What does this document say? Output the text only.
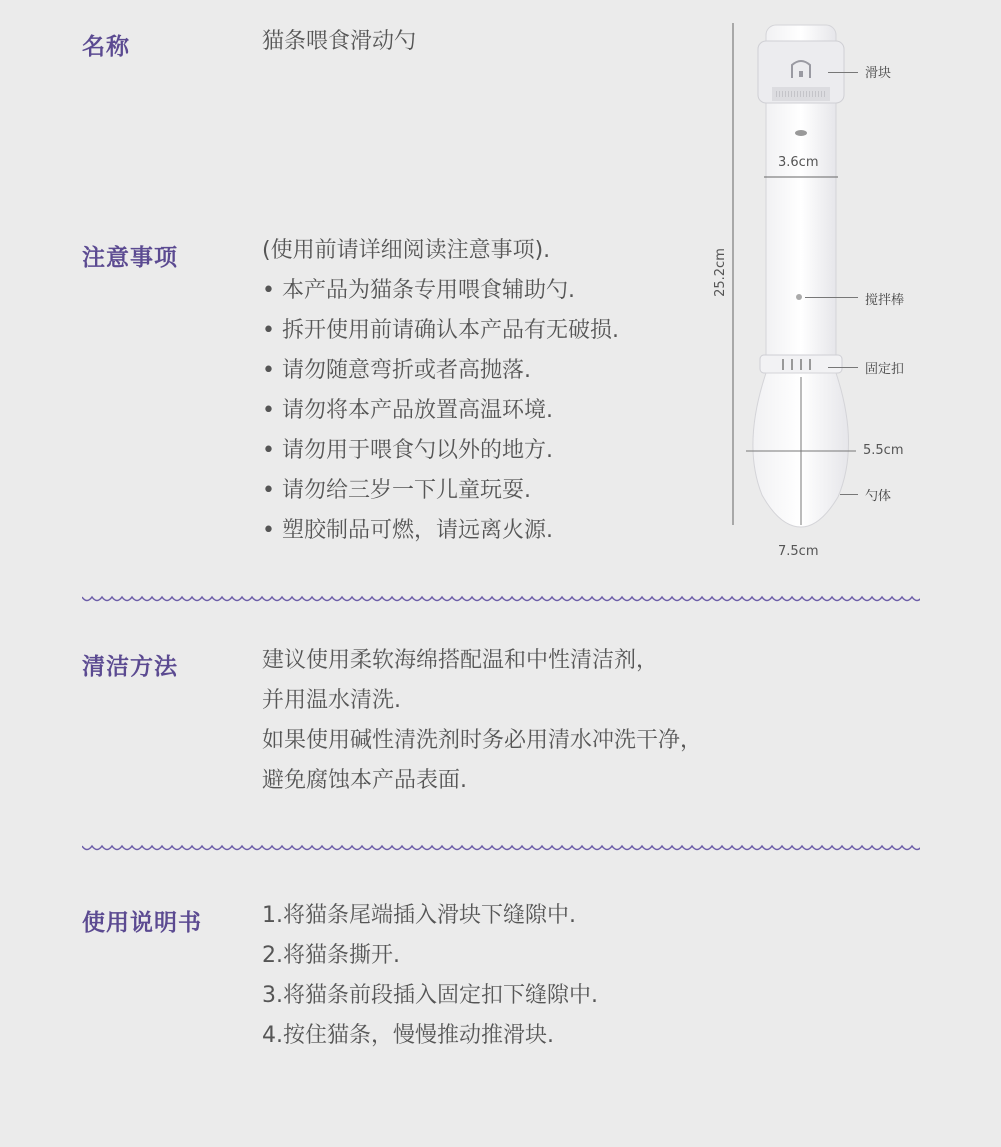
名称	猫条喂食滑动勺
注意事项	(使用前请详细阅读注意事项).
• 本产品为猫条专用喂食辅助勺.
• 拆开使用前请确认本产品有无破损.
• 请勿随意弯折或者高抛落.
• 请勿将本产品放置高温环境.
• 请勿用于喂食勺以外的地方.
• 请勿给三岁一下儿童玩耍.
• 塑胶制品可燃，请远离火源.
清洁方法	建议使用柔软海绵搭配温和中性清洁剂，
并用温水清洗.
如果使用碱性清洗剂时务必用清水冲洗干净，
避免腐蚀本产品表面.
使用说明书	1.将猫条尾端插入滑块下缝隙中.
2.将猫条撕开.
3.将猫条前段插入固定扣下缝隙中.
4.按住猫条，慢慢推动推滑块.
25.2cm
3.6cm
5.5cm
7.5cm
滑块
搅拌棒
固定扣
勺体
